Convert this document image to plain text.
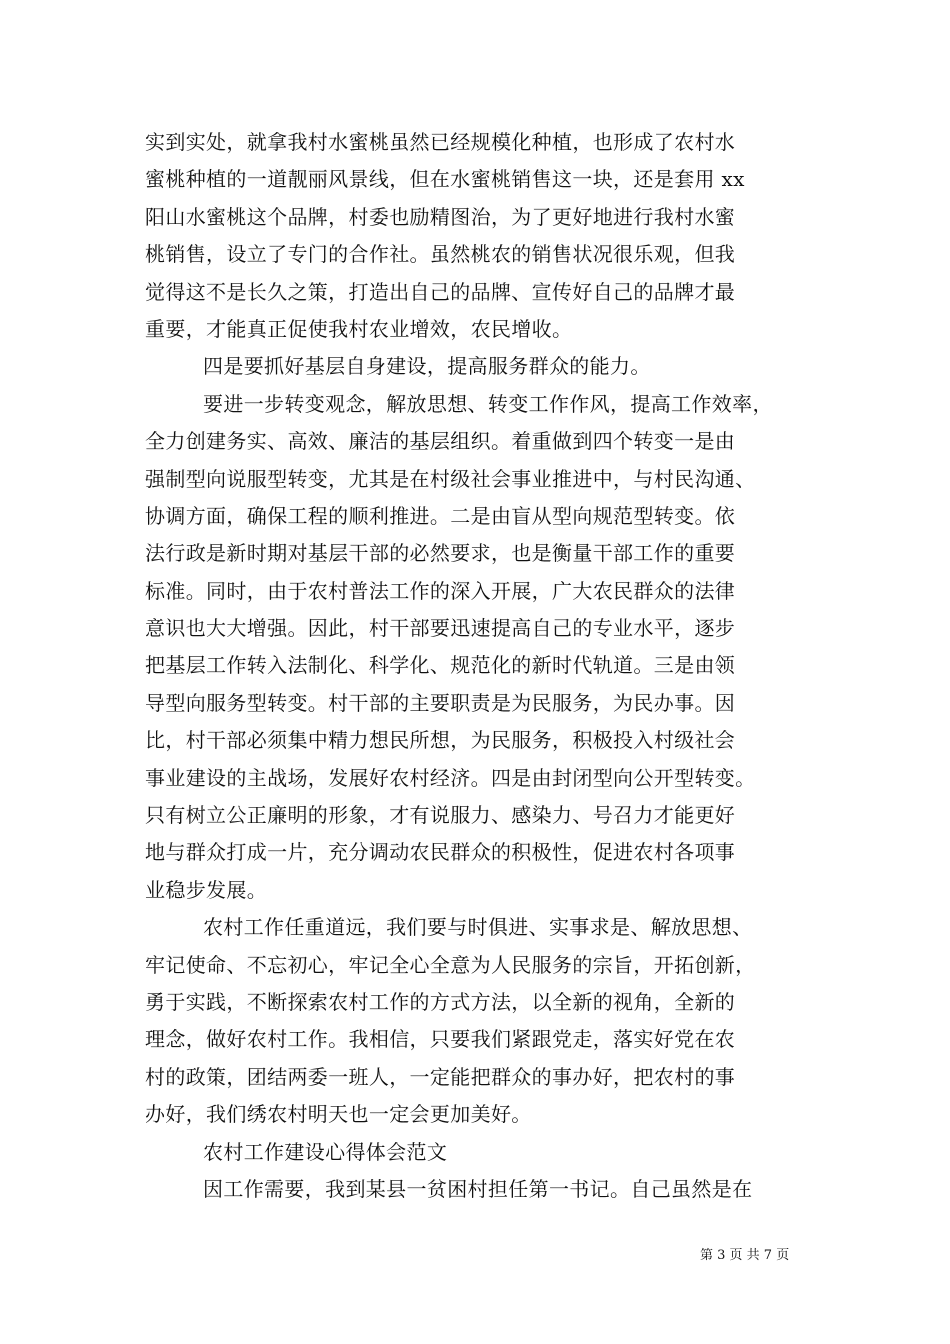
实到实处，就拿我村水蜜桃虽然已经规模化种植，也形成了农村水
蜜桃种植的一道靓丽风景线，但在水蜜桃销售这一块，还是套用 xx
阳山水蜜桃这个品牌，村委也励精图治，为了更好地进行我村水蜜
桃销售，设立了专门的合作社。虽然桃农的销售状况很乐观，但我
觉得这不是长久之策，打造出自己的品牌、宣传好自己的品牌才最
重要，才能真正促使我村农业增效，农民增收。
四是要抓好基层自身建设，提高服务群众的能力。
要进一步转变观念，解放思想、转变工作作风，提高工作效率，
全力创建务实、高效、廉洁的基层组织。着重做到四个转变一是由
强制型向说服型转变，尤其是在村级社会事业推进中，与村民沟通、
协调方面，确保工程的顺利推进。二是由盲从型向规范型转变。依
法行政是新时期对基层干部的必然要求，也是衡量干部工作的重要
标准。同时，由于农村普法工作的深入开展，广大农民群众的法律
意识也大大增强。因此，村干部要迅速提高自己的专业水平，逐步
把基层工作转入法制化、科学化、规范化的新时代轨道。三是由领
导型向服务型转变。村干部的主要职责是为民服务，为民办事。因
比，村干部必须集中精力想民所想，为民服务，积极投入村级社会
事业建设的主战场，发展好农村经济。四是由封闭型向公开型转变。
只有树立公正廉明的形象，才有说服力、感染力、号召力才能更好
地与群众打成一片，充分调动农民群众的积极性，促进农村各项事
业稳步发展。
农村工作任重道远，我们要与时俱进、实事求是、解放思想、
牢记使命、不忘初心，牢记全心全意为人民服务的宗旨，开拓创新，
勇于实践，不断探索农村工作的方式方法，以全新的视角，全新的
理念，做好农村工作。我相信，只要我们紧跟党走，落实好党在农
村的政策，团结两委一班人，一定能把群众的事办好，把农村的事
办好，我们绣农村明天也一定会更加美好。
农村工作建设心得体会范文
因工作需要，我到某县一贫困村担任第一书记。自己虽然是在
第 3 页 共 7 页
